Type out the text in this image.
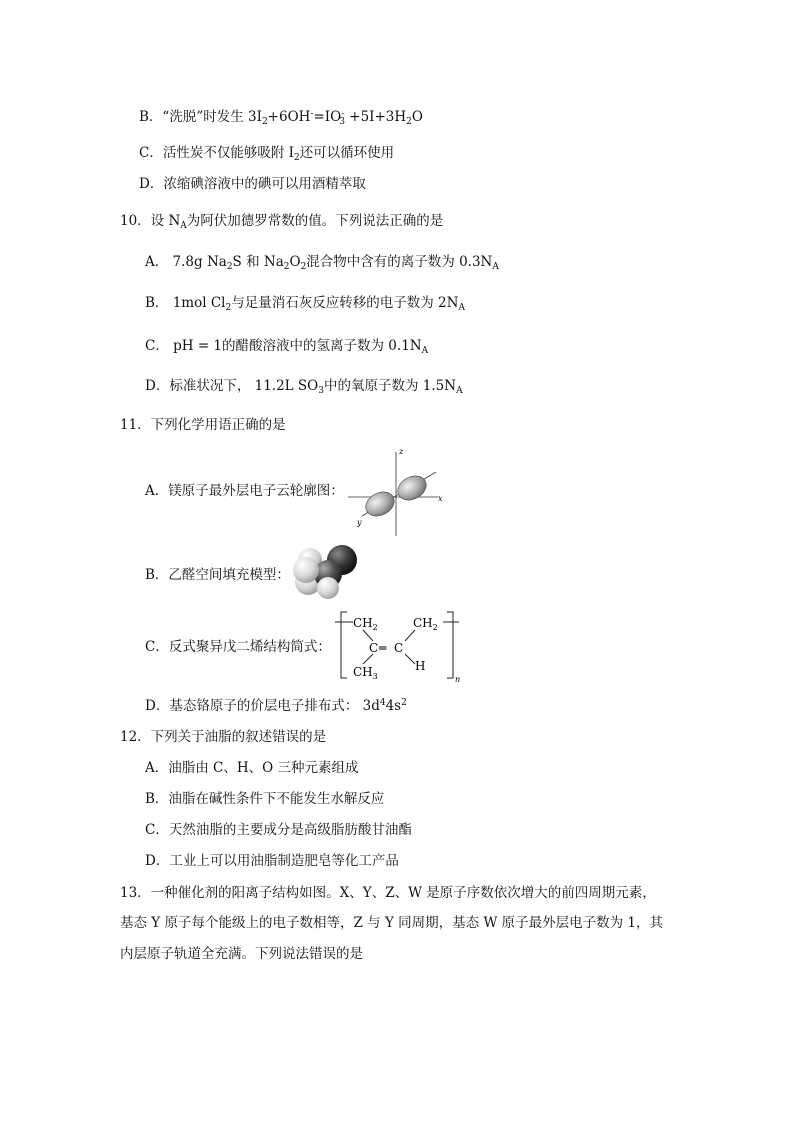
B．“洗脱”时发生 $3I_2+6OH^-=IO^-_3 +5I+3H_2O$
C．活性炭不仅能够吸附 $I_2$还可以循环使用
D．浓缩碘溶液中的碘可以用酒精萃取
10．设 $N_A$为阿伏加德罗常数的值。下列说法正确的是
A． 7.8g $Na_2S$ 和 $Na_2O_2$混合物中含有的离子数为 $0.3N_A$
B． 1mol $Cl_2$与足量消石灰反应转移的电子数为 $2N_A$
C． pH = 1的醋酸溶液中的氢离子数为 $0.1N_A$
D．标准状况下， 11.2L $SO_3$中的氧原子数为 $1.5N_A$
11．下列化学用语正确的是
A．镁原子最外层电子云轮廓图：
z
x
y
B．乙醛空间填充模型：
C．反式聚异戊二烯结构简式：
$CH_2$	$CH_2$
C ═ C
$CH_3$
H
n
D．基态铬原子的价层电子排布式： $3d^44s^2$
12．下列关于油脂的叙述错误的是
A．油脂由 C、H、O 三种元素组成
B．油脂在碱性条件下不能发生水解反应
C．天然油脂的主要成分是高级脂肪酸甘油酯
D．工业上可以用油脂制造肥皂等化工产品
13．一种催化剂的阳离子结构如图。X、Y、Z、W 是原子序数依次增大的前四周期元素，
基态 Y 原子每个能级上的电子数相等，Z 与 Y 同周期，基态 W 原子最外层电子数为 1，其
内层原子轨道全充满。下列说法错误的是
